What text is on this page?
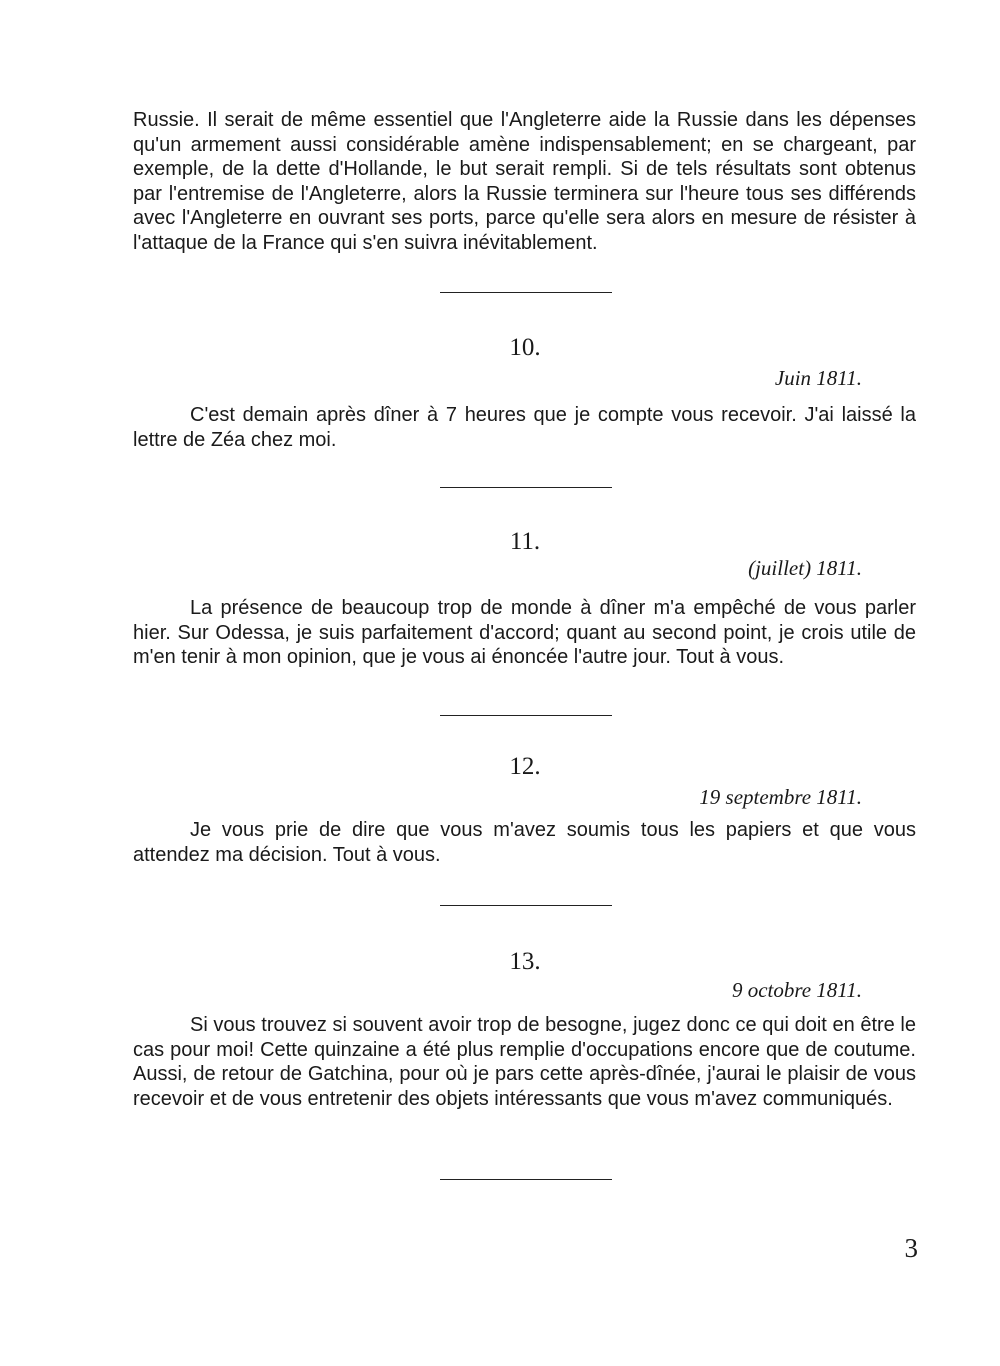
Russie. Il serait de même essentiel que l'Angleterre aide la Russie dans les dépenses qu'un armement aussi considérable amène indispensablement; en se chargeant, par exemple, de la dette d'Hollande, le but serait rempli. Si de tels résultats sont obtenus par l'entremise de l'Angleterre, alors la Russie terminera sur l'heure tous ses différends avec l'Angleterre en ouvrant ses ports, parce qu'elle sera alors en mesure de résister à l'attaque de la France qui s'en suivra inévitablement.

10.
Juin 1811.

C'est demain après dîner à 7 heures que je compte vous recevoir. J'ai laissé la lettre de Zéa chez moi.

11.
(juillet) 1811.

La présence de beaucoup trop de monde à dîner m'a empêché de vous parler hier. Sur Odessa, je suis parfaitement d'accord; quant au second point, je crois utile de m'en tenir à mon opinion, que je vous ai énoncée l'autre jour. Tout à vous.

12.
19 septembre 1811.

Je vous prie de dire que vous m'avez soumis tous les papiers et que vous attendez ma décision. Tout à vous.

13.
9 octobre 1811.

Si vous trouvez si souvent avoir trop de besogne, jugez donc ce qui doit en être le cas pour moi! Cette quinzaine a été plus remplie d'occupations encore que de coutume. Aussi, de retour de Gatchina, pour où je pars cette après-dînée, j'aurai le plaisir de vous recevoir et de vous entretenir des objets intéressants que vous m'avez communiqués.

3
